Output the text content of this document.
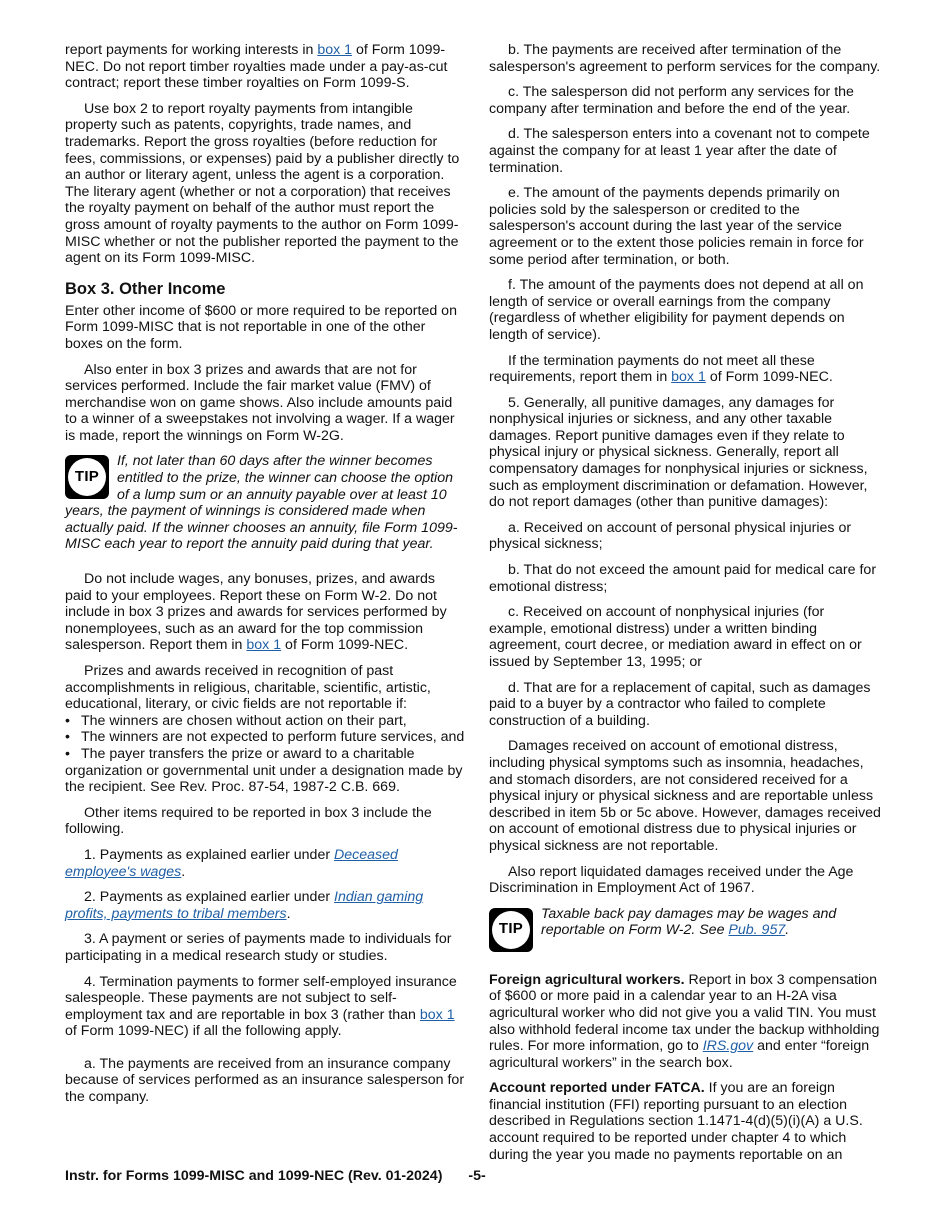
report payments for working interests in box 1 of Form 1099-NEC. Do not report timber royalties made under a pay-as-cut contract; report these timber royalties on Form 1099-S.

Use box 2 to report royalty payments from intangible property such as patents, copyrights, trade names, and trademarks. Report the gross royalties (before reduction for fees, commissions, or expenses) paid by a publisher directly to an author or literary agent, unless the agent is a corporation. The literary agent (whether or not a corporation) that receives the royalty payment on behalf of the author must report the gross amount of royalty payments to the author on Form 1099-MISC whether or not the publisher reported the payment to the agent on its Form 1099-MISC.

Box 3. Other Income

Enter other income of $600 or more required to be reported on Form 1099-MISC that is not reportable in one of the other boxes on the form.

Also enter in box 3 prizes and awards that are not for services performed. Include the fair market value (FMV) of merchandise won on game shows. Also include amounts paid to a winner of a sweepstakes not involving a wager. If a wager is made, report the winnings on Form W-2G.

TIP
If, not later than 60 days after the winner becomes entitled to the prize, the winner can choose the option of a lump sum or an annuity payable over at least 10 years, the payment of winnings is considered made when actually paid. If the winner chooses an annuity, file Form 1099-MISC each year to report the annuity paid during that year.

Do not include wages, any bonuses, prizes, and awards paid to your employees. Report these on Form W-2. Do not include in box 3 prizes and awards for services performed by nonemployees, such as an award for the top commission salesperson. Report them in box 1 of Form 1099-NEC.

Prizes and awards received in recognition of past accomplishments in religious, charitable, scientific, artistic, educational, literary, or civic fields are not reportable if:

• The winners are chosen without action on their part,
• The winners are not expected to perform future services, and
• The payer transfers the prize or award to a charitable organization or governmental unit under a designation made by the recipient. See Rev. Proc. 87-54, 1987-2 C.B. 669.

Other items required to be reported in box 3 include the following.

1. Payments as explained earlier under Deceased employee's wages.

2. Payments as explained earlier under Indian gaming profits, payments to tribal members.

3. A payment or series of payments made to individuals for participating in a medical research study or studies.

4. Termination payments to former self-employed insurance salespeople. These payments are not subject to self-employment tax and are reportable in box 3 (rather than box 1 of Form 1099-NEC) if all the following apply.

a. The payments are received from an insurance company because of services performed as an insurance salesperson for the company.

b. The payments are received after termination of the salesperson's agreement to perform services for the company.

c. The salesperson did not perform any services for the company after termination and before the end of the year.

d. The salesperson enters into a covenant not to compete against the company for at least 1 year after the date of termination.

e. The amount of the payments depends primarily on policies sold by the salesperson or credited to the salesperson's account during the last year of the service agreement or to the extent those policies remain in force for some period after termination, or both.

f. The amount of the payments does not depend at all on length of service or overall earnings from the company (regardless of whether eligibility for payment depends on length of service).

If the termination payments do not meet all these requirements, report them in box 1 of Form 1099-NEC.

5. Generally, all punitive damages, any damages for nonphysical injuries or sickness, and any other taxable damages. Report punitive damages even if they relate to physical injury or physical sickness. Generally, report all compensatory damages for nonphysical injuries or sickness, such as employment discrimination or defamation. However, do not report damages (other than punitive damages):

a. Received on account of personal physical injuries or physical sickness;

b. That do not exceed the amount paid for medical care for emotional distress;

c. Received on account of nonphysical injuries (for example, emotional distress) under a written binding agreement, court decree, or mediation award in effect on or issued by September 13, 1995; or

d. That are for a replacement of capital, such as damages paid to a buyer by a contractor who failed to complete construction of a building.

Damages received on account of emotional distress, including physical symptoms such as insomnia, headaches, and stomach disorders, are not considered received for a physical injury or physical sickness and are reportable unless described in item 5b or 5c above. However, damages received on account of emotional distress due to physical injuries or physical sickness are not reportable.

Also report liquidated damages received under the Age Discrimination in Employment Act of 1967.

TIP
Taxable back pay damages may be wages and reportable on Form W-2. See Pub. 957.

Foreign agricultural workers. Report in box 3 compensation of $600 or more paid in a calendar year to an H-2A visa agricultural worker who did not give you a valid TIN. You must also withhold federal income tax under the backup withholding rules. For more information, go to IRS.gov and enter “foreign agricultural workers” in the search box.

Account reported under FATCA. If you are an foreign financial institution (FFI) reporting pursuant to an election described in Regulations section 1.1471-4(d)(5)(i)(A) a U.S. account required to be reported under chapter 4 to which during the year you made no payments reportable on an

Instr. for Forms 1099-MISC and 1099-NEC (Rev. 01-2024) -5-
